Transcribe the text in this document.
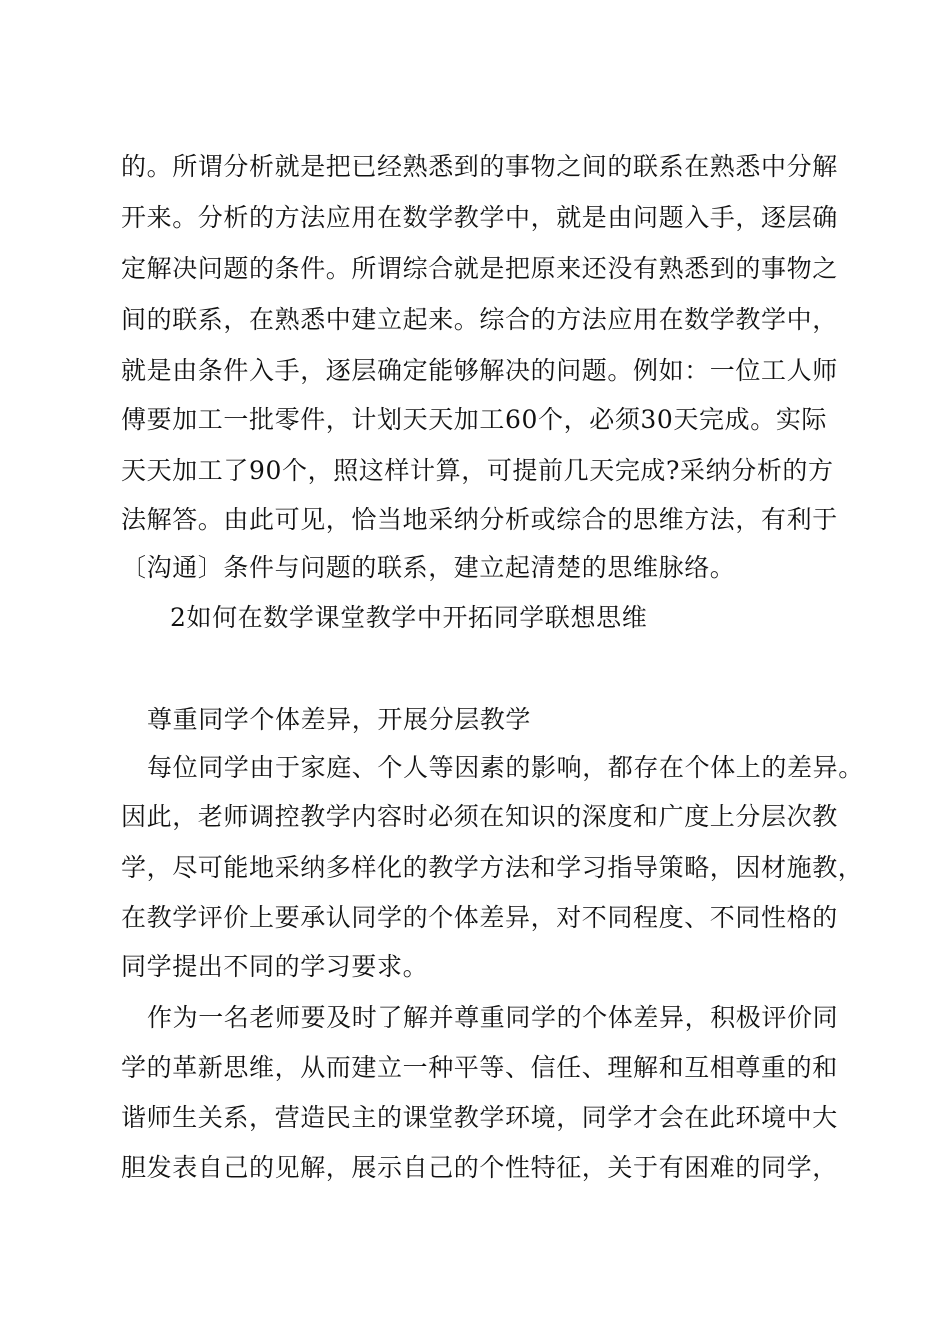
的。所谓分析就是把已经熟悉到的事物之间的联系在熟悉中分解
开来。分析的方法应用在数学教学中，就是由问题入手，逐层确
定解决问题的条件。所谓综合就是把原来还没有熟悉到的事物之
间的联系，在熟悉中建立起来。综合的方法应用在数学教学中，
就是由条件入手，逐层确定能够解决的问题。例如：一位工人师
傅要加工一批零件，计划天天加工60个，必须30天完成。实际
天天加工了90个，照这样计算，可提前几天完成?采纳分析的方
法解答。由此可见，恰当地采纳分析或综合的思维方法，有利于
〔沟通〕条件与问题的联系，建立起清楚的思维脉络。
2如何在数学课堂教学中开拓同学联想思维
尊重同学个体差异，开展分层教学
每位同学由于家庭、个人等因素的影响，都存在个体上的差异。
因此，老师调控教学内容时必须在知识的深度和广度上分层次教
学，尽可能地采纳多样化的教学方法和学习指导策略，因材施教，
在教学评价上要承认同学的个体差异，对不同程度、不同性格的
同学提出不同的学习要求。
作为一名老师要及时了解并尊重同学的个体差异，积极评价同
学的革新思维，从而建立一种平等、信任、理解和互相尊重的和
谐师生关系，营造民主的课堂教学环境，同学才会在此环境中大
胆发表自己的见解，展示自己的个性特征，关于有困难的同学，
